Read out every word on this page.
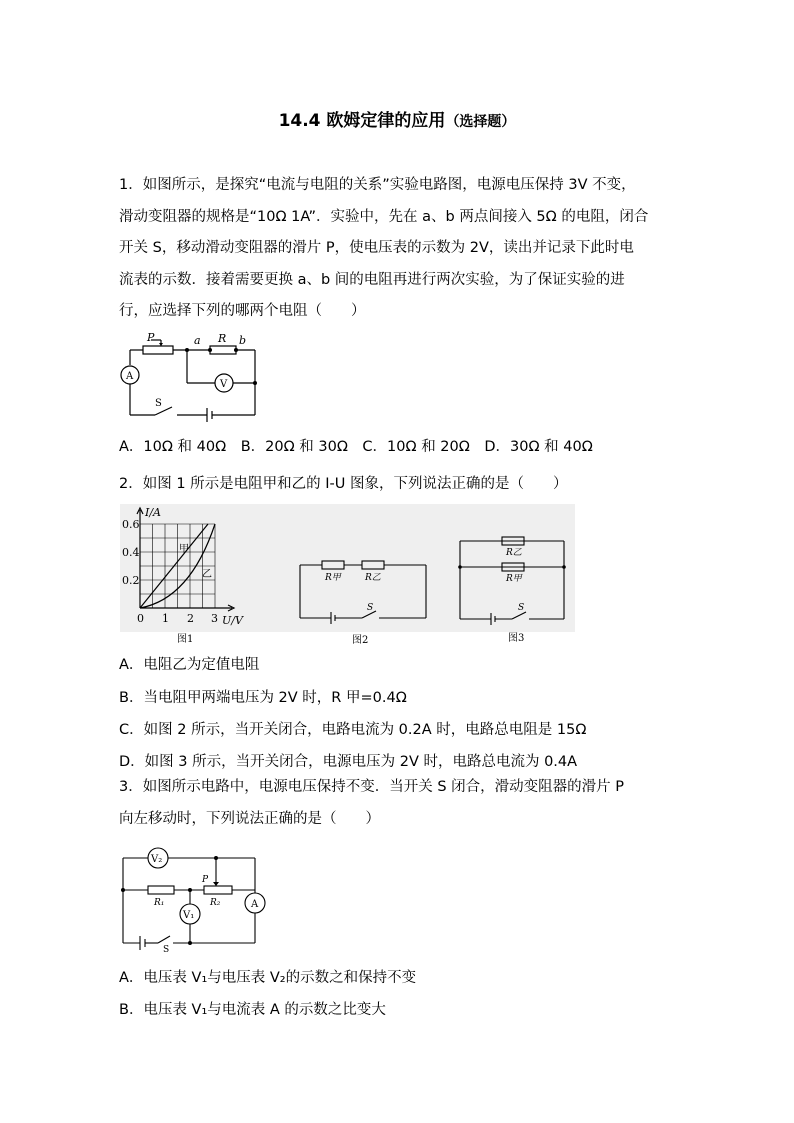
14.4 欧姆定律的应用（选择题）
1．如图所示，是探究“电流与电阻的关系”实验电路图，电源电压保持 3V 不变，
滑动变阻器的规格是“10Ω 1A”．实验中，先在 a、b 两点间接入 5Ω 的电阻，闭合
开关 S，移动滑动变阻器的滑片 P，使电压表的示数为 2V，读出并记录下此时电
流表的示数．接着需要更换 a、b 间的电阻再进行两次实验，为了保证实验的进
行，应选择下列的哪两个电阻（　　）
P	a R b
A
V
S
A．10Ω 和 40Ω　B．20Ω 和 30Ω　C．10Ω 和 20Ω　D．30Ω 和 40Ω
2．如图 1 所示是电阻甲和乙的 I-U 图象，下列说法正确的是（　　）
I/A
U/V
0.6
0.4
0.2
0 1 2 3
甲
乙
图1
R甲	R乙
S
图2
R乙
R甲
S
图3
A．电阻乙为定值电阻
B．当电阻甲两端电压为 2V 时，R 甲=0.4Ω
C．如图 2 所示，当开关闭合，电路电流为 0.2A 时，电路总电阻是 15Ω
D．如图 3 所示，当开关闭合，电源电压为 2V 时，电路总电流为 0.4A
3．如图所示电路中，电源电压保持不变．当开关 S 闭合，滑动变阻器的滑片 P
向左移动时，下列说法正确的是（　　）
V₂
P
R₁	R₂
V₁
A
S
A．电压表 V₁与电压表 V₂的示数之和保持不变
B．电压表 V₁与电流表 A 的示数之比变大
